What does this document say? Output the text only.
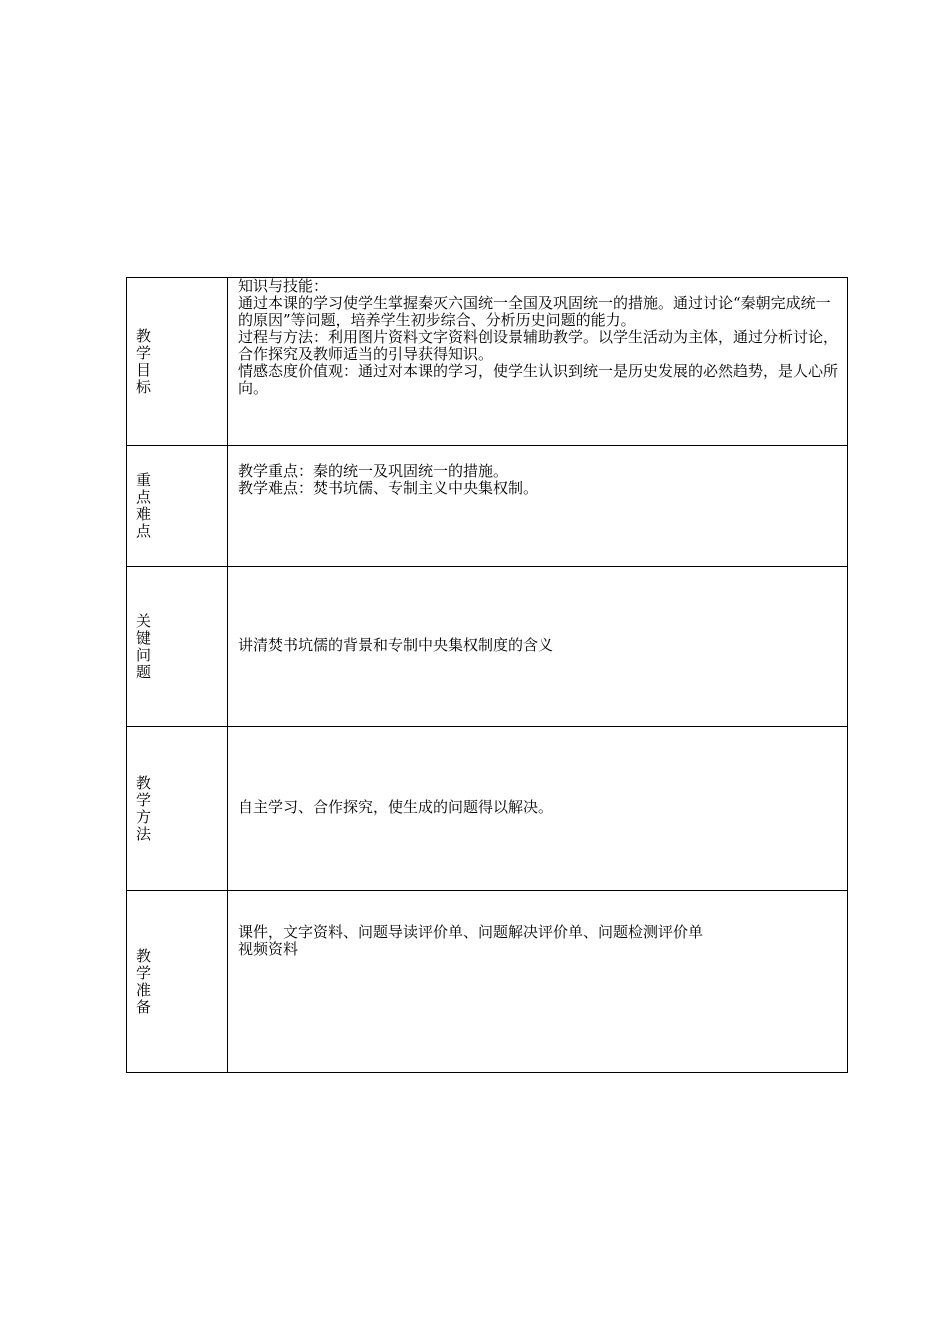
教学目标	知识与技能：
通过本课的学习使学生掌握秦灭六国统一全国及巩固统一的措施。通过讨论“秦朝完成统一的原因”等问题，培养学生初步综合、分析历史问题的能力。
过程与方法：利用图片资料文字资料创设景辅助教学。以学生活动为主体，通过分析讨论，合作探究及教师适当的引导获得知识。
情感态度价值观：通过对本课的学习，使学生认识到统一是历史发展的必然趋势，是人心所向。

重点难点	教学重点：秦的统一及巩固统一的措施。
教学难点：焚书坑儒、专制主义中央集权制。

关键问题	讲清焚书坑儒的背景和专制中央集权制度的含义

教学方法	自主学习、合作探究，使生成的问题得以解决。

教学准备	课件，文字资料、问题导读评价单、问题解决评价单、问题检测评价单
视频资料
